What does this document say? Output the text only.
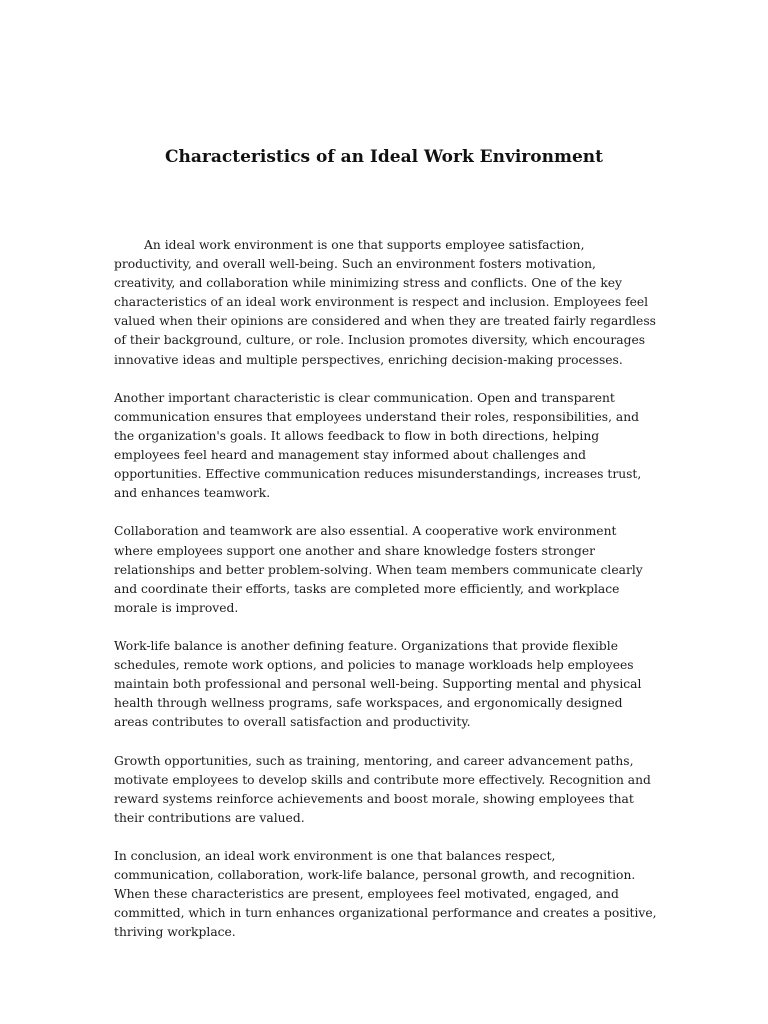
Characteristics of an Ideal Work Environment

An ideal work environment is one that supports employee satisfaction, productivity, and overall well-being. Such an environment fosters motivation, creativity, and collaboration while minimizing stress and conflicts. One of the key characteristics of an ideal work environment is respect and inclusion. Employees feel valued when their opinions are considered and when they are treated fairly regardless of their background, culture, or role. Inclusion promotes diversity, which encourages innovative ideas and multiple perspectives, enriching decision-making processes.

Another important characteristic is clear communication. Open and transparent communication ensures that employees understand their roles, responsibilities, and the organization's goals. It allows feedback to flow in both directions, helping employees feel heard and management stay informed about challenges and opportunities. Effective communication reduces misunderstandings, increases trust, and enhances teamwork.

Collaboration and teamwork are also essential. A cooperative work environment where employees support one another and share knowledge fosters stronger relationships and better problem-solving. When team members communicate clearly and coordinate their efforts, tasks are completed more efficiently, and workplace morale is improved.

Work-life balance is another defining feature. Organizations that provide flexible schedules, remote work options, and policies to manage workloads help employees maintain both professional and personal well-being. Supporting mental and physical health through wellness programs, safe workspaces, and ergonomically designed areas contributes to overall satisfaction and productivity.

Growth opportunities, such as training, mentoring, and career advancement paths, motivate employees to develop skills and contribute more effectively. Recognition and reward systems reinforce achievements and boost morale, showing employees that their contributions are valued.

In conclusion, an ideal work environment is one that balances respect, communication, collaboration, work-life balance, personal growth, and recognition. When these characteristics are present, employees feel motivated, engaged, and committed, which in turn enhances organizational performance and creates a positive, thriving workplace.
